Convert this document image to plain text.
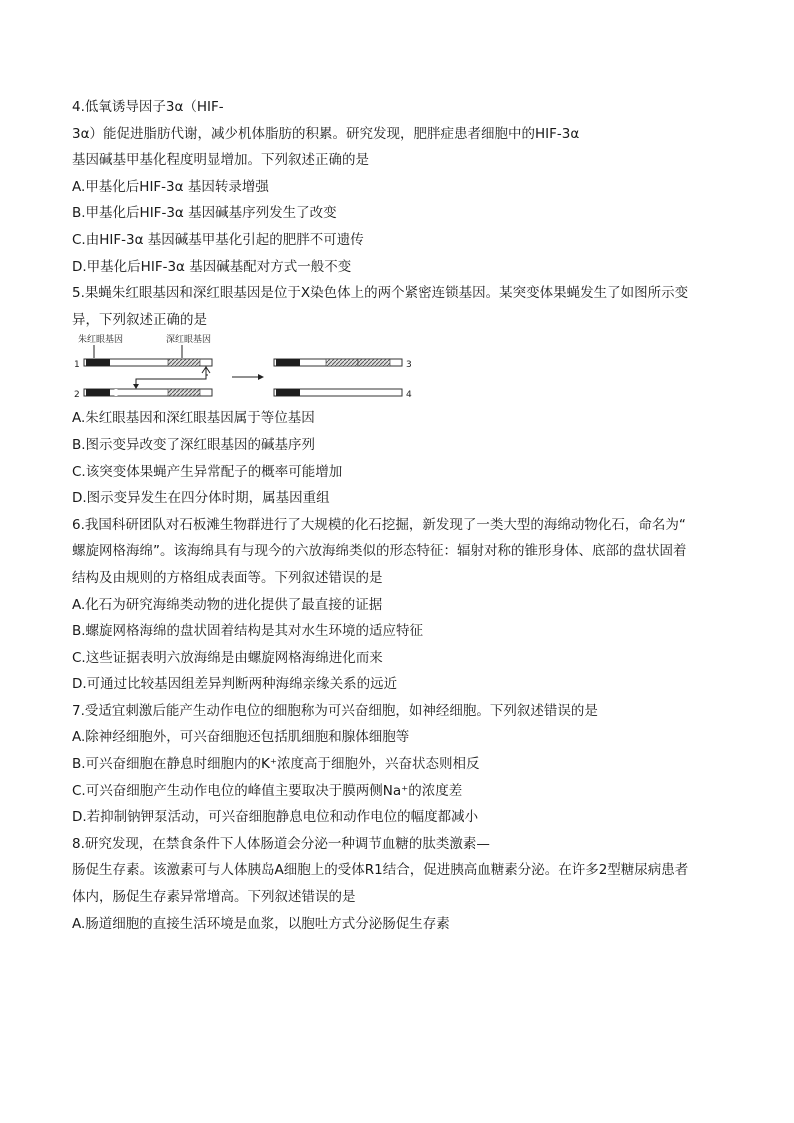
4.低氧诱导因子3α（HIF-
3α）能促进脂肪代谢，减少机体脂肪的积累。研究发现，肥胖症患者细胞中的HIF-3α
基因碱基甲基化程度明显增加。下列叙述正确的是
A.甲基化后HIF-3α 基因转录增强
B.甲基化后HIF-3α 基因碱基序列发生了改变
C.由HIF-3α 基因碱基甲基化引起的肥胖不可遗传
D.甲基化后HIF-3α 基因碱基配对方式一般不变
5.果蝇朱红眼基因和深红眼基因是位于X染色体上的两个紧密连锁基因。某突变体果蝇发生了如图所示变
异，下列叙述正确的是
朱红眼基因	深红眼基因
1
2
3
4
A.朱红眼基因和深红眼基因属于等位基因
B.图示变异改变了深红眼基因的碱基序列
C.该突变体果蝇产生异常配子的概率可能增加
D.图示变异发生在四分体时期，属基因重组
6.我国科研团队对石板滩生物群进行了大规模的化石挖掘，新发现了一类大型的海绵动物化石，命名为“
螺旋网格海绵”。该海绵具有与现今的六放海绵类似的形态特征：辐射对称的锥形身体、底部的盘状固着
结构及由规则的方格组成表面等。下列叙述错误的是
A.化石为研究海绵类动物的进化提供了最直接的证据
B.螺旋网格海绵的盘状固着结构是其对水生环境的适应特征
C.这些证据表明六放海绵是由螺旋网格海绵进化而来
D.可通过比较基因组差异判断两种海绵亲缘关系的远近
7.受适宜刺激后能产生动作电位的细胞称为可兴奋细胞，如神经细胞。下列叙述错误的是
A.除神经细胞外，可兴奋细胞还包括肌细胞和腺体细胞等
B.可兴奋细胞在静息时细胞内的K⁺浓度高于细胞外，兴奋状态则相反
C.可兴奋细胞产生动作电位的峰值主要取决于膜两侧Na⁺的浓度差
D.若抑制钠钾泵活动，可兴奋细胞静息电位和动作电位的幅度都减小
8.研究发现，在禁食条件下人体肠道会分泌一种调节血糖的肽类激素—
肠促生存素。该激素可与人体胰岛A细胞上的受体R1结合，促进胰高血糖素分泌。在许多2型糖尿病患者
体内，肠促生存素异常增高。下列叙述错误的是
A.肠道细胞的直接生活环境是血浆，以胞吐方式分泌肠促生存素
